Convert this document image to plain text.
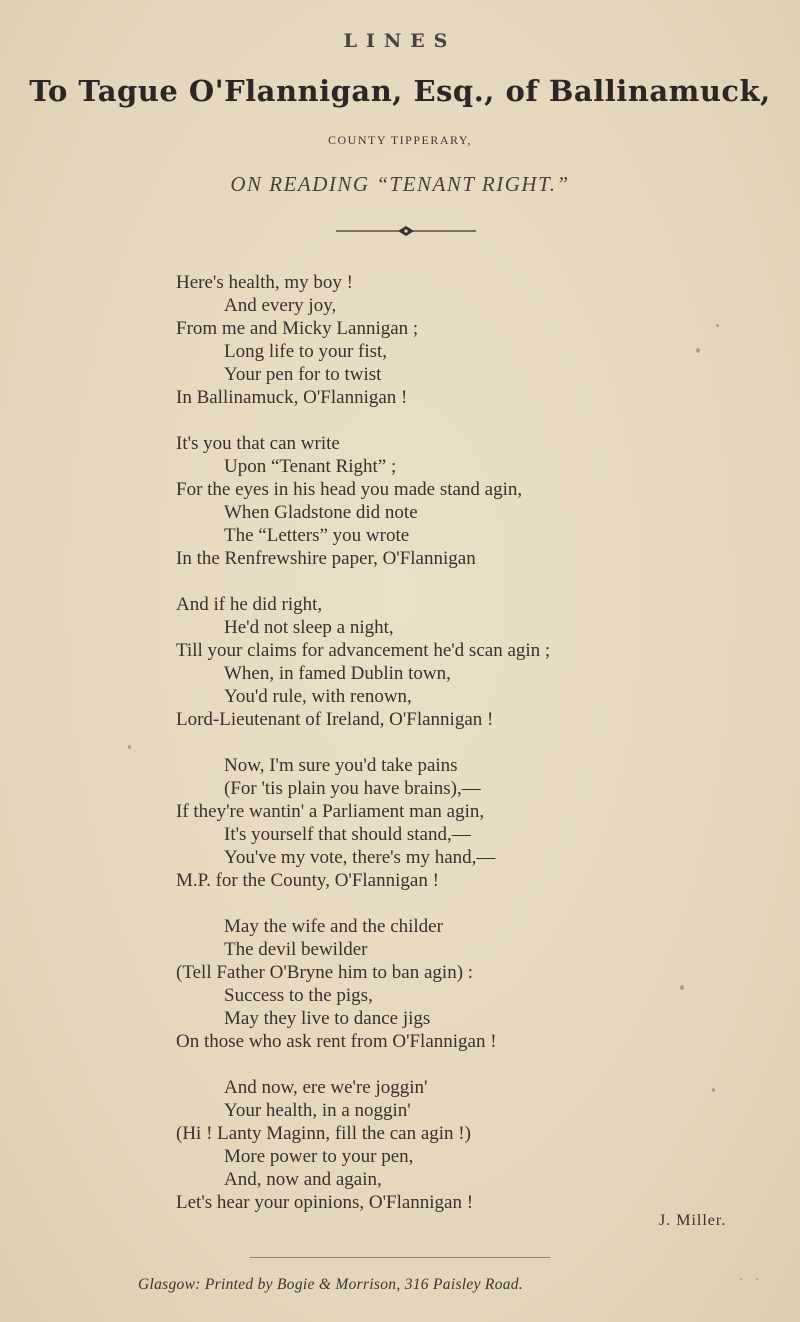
LINES
To Tague O'Flannigan, Esq., of Ballinamuck,
COUNTY TIPPERARY,
ON READING “TENANT RIGHT.”
Here's health, my boy !
And every joy,
From me and Micky Lannigan ;
Long life to your fist,
Your pen for to twist
In Ballinamuck, O'Flannigan !
It's you that can write
Upon “Tenant Right” ;
For the eyes in his head you made stand agin,
When Gladstone did note
The “Letters” you wrote
In the Renfrewshire paper, O'Flannigan
And if he did right,
He'd not sleep a night,
Till your claims for advancement he'd scan agin ;
When, in famed Dublin town,
You'd rule, with renown,
Lord-Lieutenant of Ireland, O'Flannigan !
Now, I'm sure you'd take pains
(For 'tis plain you have brains),—
If they're wantin' a Parliament man agin,
It's yourself that should stand,—
You've my vote, there's my hand,—
M.P. for the County, O'Flannigan !
May the wife and the childer
The devil bewilder
(Tell Father O'Bryne him to ban agin) :
Success to the pigs,
May they live to dance jigs
On those who ask rent from O'Flannigan !
And now, ere we're joggin'
Your health, in a noggin'
(Hi ! Lanty Maginn, fill the can agin !)
More power to your pen,
And, now and again,
Let's hear your opinions, O'Flannigan !
J. Miller.
Glasgow: Printed by Bogie & Morrison, 316 Paisley Road.
